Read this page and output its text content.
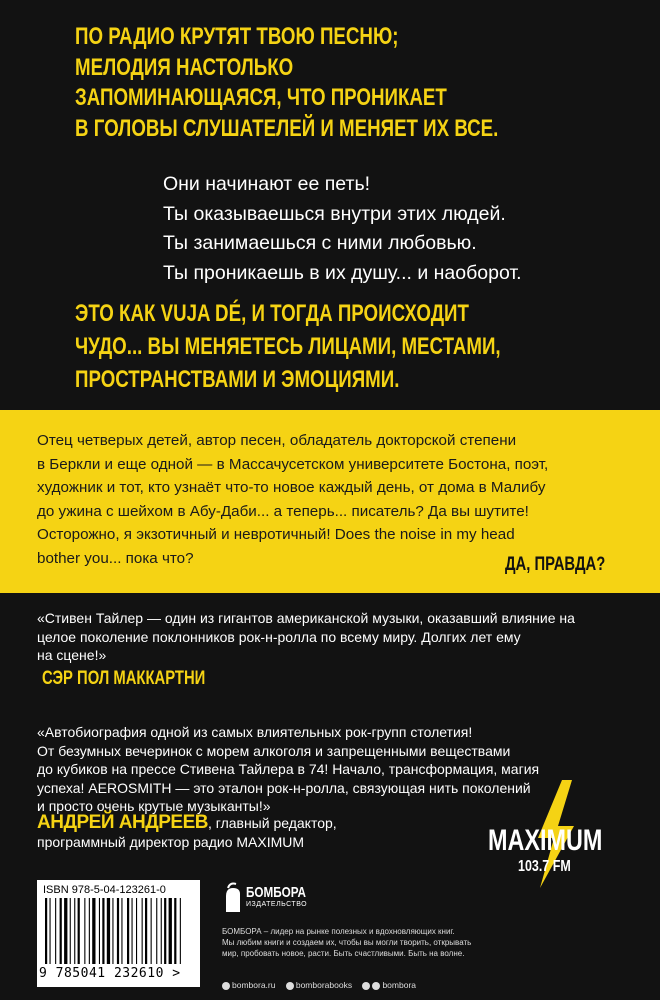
ПО РАДИО КРУТЯТ ТВОЮ ПЕСНЮ;
МЕЛОДИЯ НАСТОЛЬКО
ЗАПОМИНАЮЩАЯСЯ, ЧТО ПРОНИКАЕТ
В ГОЛОВЫ СЛУШАТЕЛЕЙ И МЕНЯЕТ ИХ ВСЕ.
Они начинают ее петь!
Ты оказываешься внутри этих людей.
Ты занимаешься с ними любовью.
Ты проникаешь в их душу... и наоборот.
ЭТО КАК VUJA DÉ, И ТОГДА ПРОИСХОДИТ
ЧУДО... ВЫ МЕНЯЕТЕСЬ ЛИЦАМИ, МЕСТАМИ,
ПРОСТРАНСТВАМИ И ЭМОЦИЯМИ.
Отец четверых детей, автор песен, обладатель докторской степени
в Беркли и еще одной — в Массачусетском университете Бостона, поэт,
художник и тот, кто узнаёт что-то новое каждый день, от дома в Малибу
до ужина с шейхом в Абу-Даби... а теперь... писатель? Да вы шутите!
Осторожно, я экзотичный и невротичный! Does the noise in my head
bother you... пока что?	ДА, ПРАВДА?
«Стивен Тайлер — один из гигантов американской музыки, оказавший влияние на
целое поколение поклонников рок-н-ролла по всему миру. Долгих лет ему
на сцене!»
СЭР ПОЛ МАККАРТНИ
«Автобиография одной из самых влиятельных рок-групп столетия!
От безумных вечеринок с морем алкоголя и запрещенными веществами
до кубиков на прессе Стивена Тайлера в 74! Начало, трансформация, магия
успеха! AEROSMITH — это эталон рок-н-ролла, связующая нить поколений
и просто очень крутые музыканты!»
АНДРЕЙ АНДРЕЕВ, главный редактор,
программный директор радио MAXIMUM	MAXIMUM
103.7 FM
ISBN 978-5-04-123261-0
9 785041 232610 >
БОМБОРА
ИЗДАТЕЛЬСТВО
БОМБОРА – лидер на рынке полезных и вдохновляющих книг.
Мы любим книги и создаем их, чтобы вы могли творить, открывать
мир, пробовать новое, расти. Быть счастливыми. Быть на волне.
bombora.ru bomborabooks	bombora
